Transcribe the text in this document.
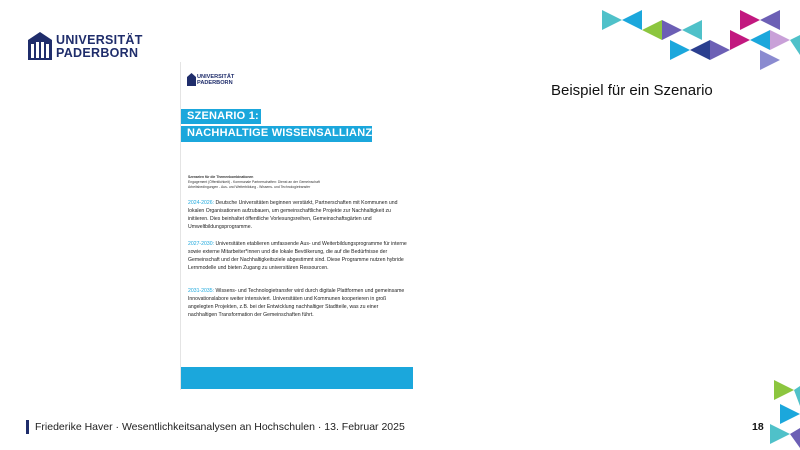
UNIVERSITÄT
PADERBORN
Beispiel für ein Szenario
UNIVERSITÄT
PADERBORN
SZENARIO 1:
NACHHALTIGE WISSENSALLIANZE
Szenarien für die Themenkombinationen
Engagement (Öffentlichkeit) - Kommunale Partnerschaften: Dienst an der Gemeinschaft
Arbeitsbedingungen - Aus- und Weiterbildung - Wissens- und Technologietransfer
2024-2026: Deutsche Universitäten beginnen verstärkt, Partnerschaften mit Kommunen und lokalen Organisationen aufzubauen, um gemeinschaftliche Projekte zur Nachhaltigkeit zu initiieren. Dies beinhaltet öffentliche Vorlesungsreihen, Gemeinschaftsgärten und Umweltbildungsprogramme.
2027-2030: Universitäten etablieren umfassende Aus- und Weiterbildungsprogramme für interne sowie externe Mitarbeiter*innen und die lokale Bevölkerung, die auf die Bedürfnisse der Gemeinschaft und der Nachhaltigkeitsziele abgestimmt sind. Diese Programme nutzen hybride Lernmodelle und bieten Zugang zu universitären Ressourcen.
2031-2035: Wissens- und Technologietransfer wird durch digitale Plattformen und gemeinsame Innovationslabore weiter intensiviert. Universitäten und Kommunen kooperieren in groß angelegten Projekten, z.B. bei der Entwicklung nachhaltiger Stadtteile, was zu einer nachhaltigen Transformation der Gemeinschaften führt.
Friederike Haver · Wesentlichkeitsanalysen an Hochschulen · 13. Februar 2025	18
